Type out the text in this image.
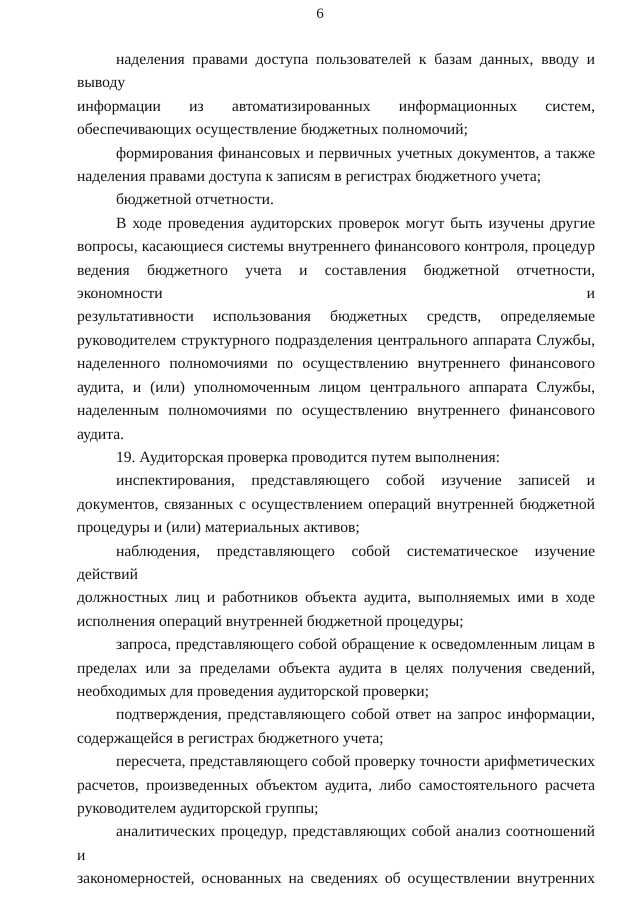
6

наделения правами доступа пользователей к базам данных, вводу и выводу
информации из автоматизированных информационных систем,
обеспечивающих осуществление бюджетных полномочий;

формирования финансовых и первичных учетных документов, а также
наделения правами доступа к записям в регистрах бюджетного учета;

бюджетной отчетности.

В ходе проведения аудиторских проверок могут быть изучены другие
вопросы, касающиеся системы внутреннего финансового контроля, процедур
ведения бюджетного учета и составления бюджетной отчетности, экономности и
результативности использования бюджетных средств, определяемые
руководителем структурного подразделения центрального аппарата Службы,
наделенного полномочиями по осуществлению внутреннего финансового
аудита, и (или) уполномоченным лицом центрального аппарата Службы,
наделенным полномочиями по осуществлению внутреннего финансового
аудита.

19. Аудиторская проверка проводится путем выполнения:

инспектирования, представляющего собой изучение записей и
документов, связанных с осуществлением операций внутренней бюджетной
процедуры и (или) материальных активов;

наблюдения, представляющего собой систематическое изучение действий
должностных лиц и работников объекта аудита, выполняемых ими в ходе
исполнения операций внутренней бюджетной процедуры;

запроса, представляющего собой обращение к осведомленным лицам в
пределах или за пределами объекта аудита в целях получения сведений,
необходимых для проведения аудиторской проверки;

подтверждения, представляющего собой ответ на запрос информации,
содержащейся в регистрах бюджетного учета;

пересчета, представляющего собой проверку точности арифметических
расчетов, произведенных объектом аудита, либо самостоятельного расчета
руководителем аудиторской группы;

аналитических процедур, представляющих собой анализ соотношений и
закономерностей, основанных на сведениях об осуществлении внутренних
